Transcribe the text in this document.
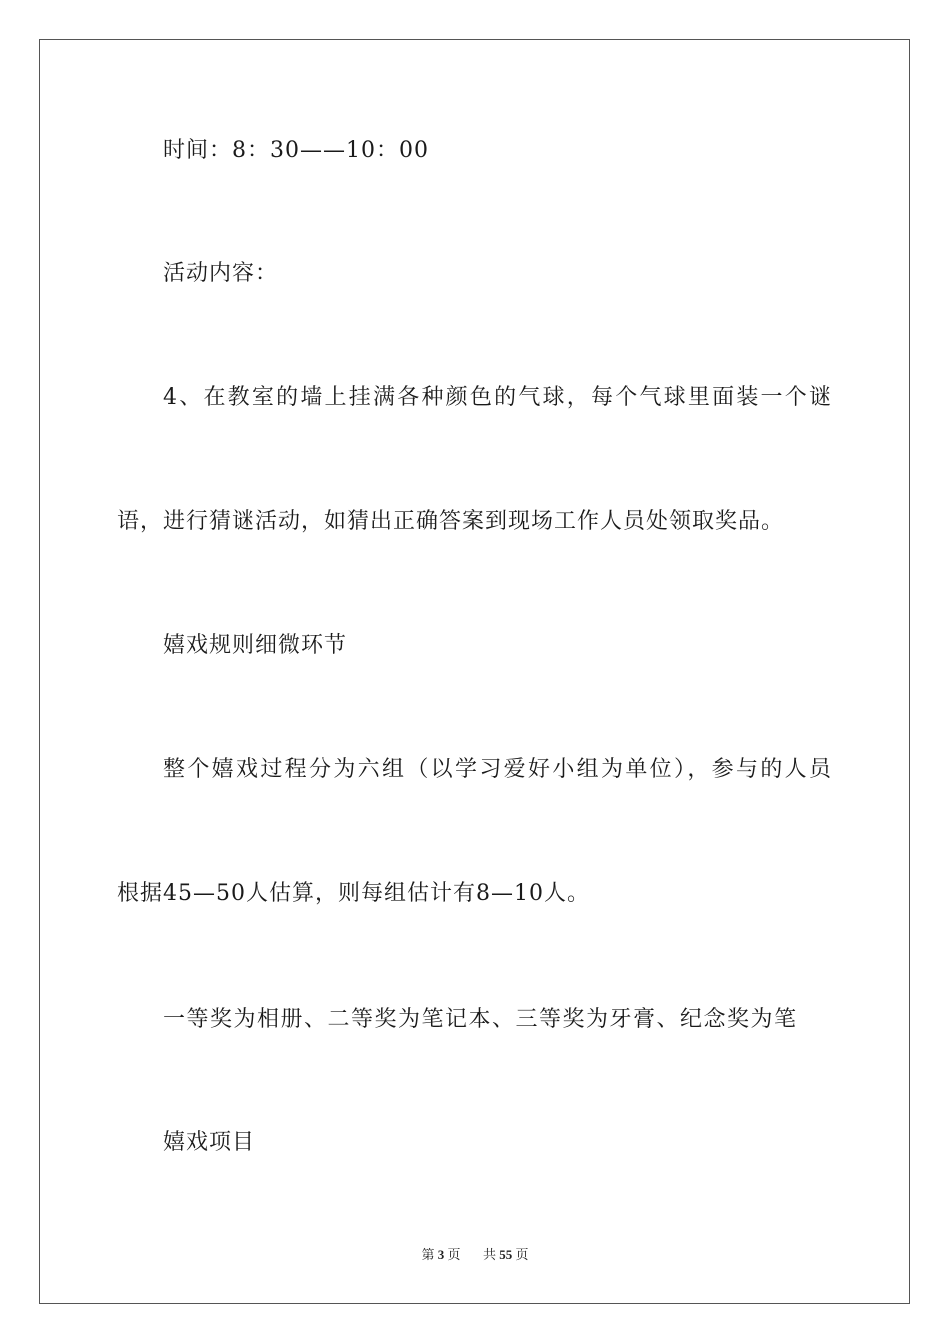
时间：8：30——10：00
活动内容：
4、在教室的墙上挂满各种颜色的气球，每个气球里面装一个谜
语，进行猜谜活动，如猜出正确答案到现场工作人员处领取奖品。
嬉戏规则细微环节
整个嬉戏过程分为六组（以学习爱好小组为单位），参与的人员
根据45—50人估算，则每组估计有8—10人。
一等奖为相册、二等奖为笔记本、三等奖为牙膏、纪念奖为笔
嬉戏项目
第 3 页 共 55 页
